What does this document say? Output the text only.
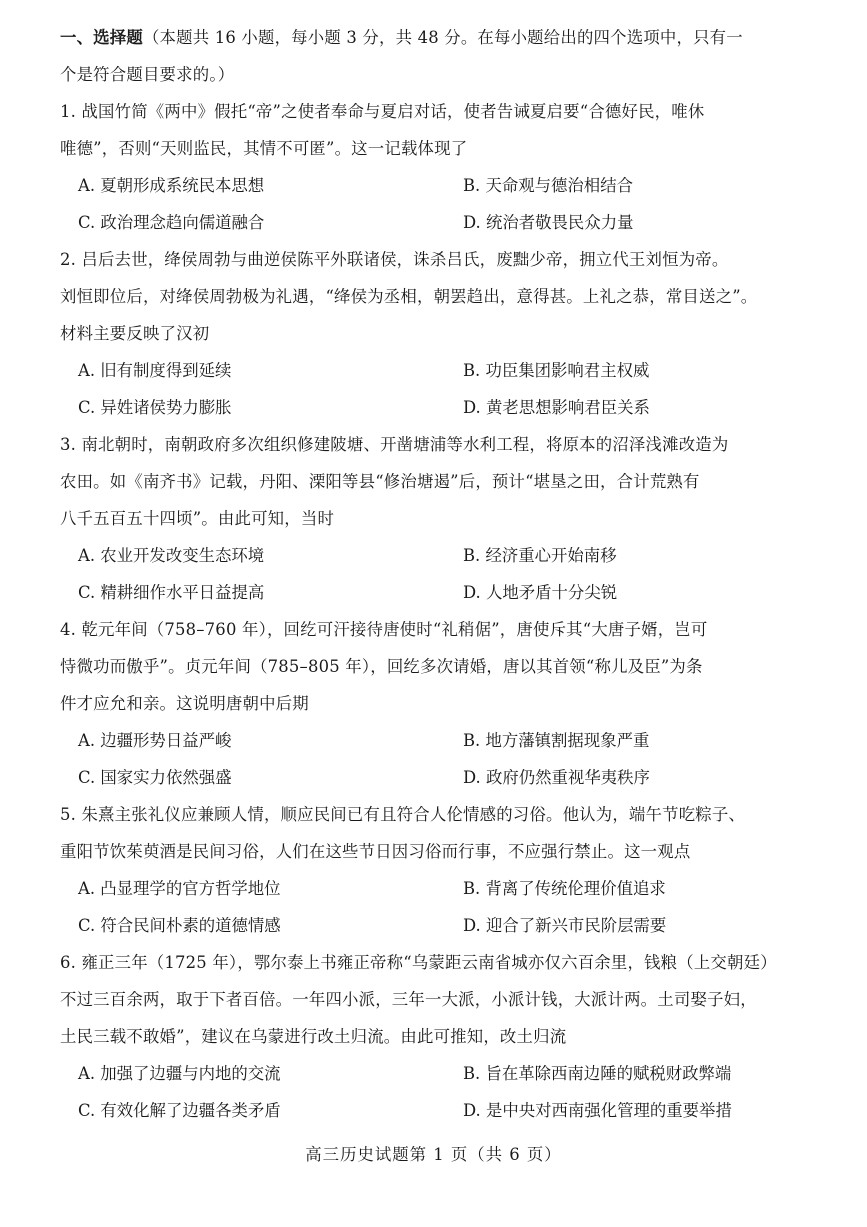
一、选择题（本题共 16 小题，每小题 3 分，共 48 分。在每小题给出的四个选项中，只有一
个是符合题目要求的。）
1. 战国竹简《两中》假托“帝”之使者奉命与夏启对话，使者告诫夏启要“合德好民，唯休
唯德”，否则“天则监民，其情不可匿”。这一记载体现了
A. 夏朝形成系统民本思想	B. 天命观与德治相结合
C. 政治理念趋向儒道融合	D. 统治者敬畏民众力量
2. 吕后去世，绛侯周勃与曲逆侯陈平外联诸侯，诛杀吕氏，废黜少帝，拥立代王刘恒为帝。
刘恒即位后，对绛侯周勃极为礼遇，“绛侯为丞相，朝罢趋出，意得甚。上礼之恭，常目送之”。
材料主要反映了汉初
A. 旧有制度得到延续	B. 功臣集团影响君主权威
C. 异姓诸侯势力膨胀	D. 黄老思想影响君臣关系
3. 南北朝时，南朝政府多次组织修建陂塘、开凿塘浦等水利工程，将原本的沼泽浅滩改造为
农田。如《南齐书》记载，丹阳、溧阳等县“修治塘遏”后，预计“堪垦之田，合计荒熟有
八千五百五十四顷”。由此可知，当时
A. 农业开发改变生态环境	B. 经济重心开始南移
C. 精耕细作水平日益提高	D. 人地矛盾十分尖锐
4. 乾元年间（758–760 年），回纥可汗接待唐使时“礼稍倨”，唐使斥其“大唐子婿，岂可
恃微功而傲乎”。贞元年间（785–805 年），回纥多次请婚，唐以其首领“称儿及臣”为条
件才应允和亲。这说明唐朝中后期
A. 边疆形势日益严峻	B. 地方藩镇割据现象严重
C. 国家实力依然强盛	D. 政府仍然重视华夷秩序
5. 朱熹主张礼仪应兼顾人情，顺应民间已有且符合人伦情感的习俗。他认为，端午节吃粽子、
重阳节饮茱萸酒是民间习俗，人们在这些节日因习俗而行事，不应强行禁止。这一观点
A. 凸显理学的官方哲学地位	B. 背离了传统伦理价值追求
C. 符合民间朴素的道德情感	D. 迎合了新兴市民阶层需要
6. 雍正三年（1725 年），鄂尔泰上书雍正帝称“乌蒙距云南省城亦仅六百余里，钱粮（上交朝廷）
不过三百余两，取于下者百倍。一年四小派，三年一大派，小派计钱，大派计两。土司娶子妇，
土民三载不敢婚”，建议在乌蒙进行改土归流。由此可推知，改土归流
A. 加强了边疆与内地的交流	B. 旨在革除西南边陲的赋税财政弊端
C. 有效化解了边疆各类矛盾	D. 是中央对西南强化管理的重要举措
高三历史试题第 1 页（共 6 页）
